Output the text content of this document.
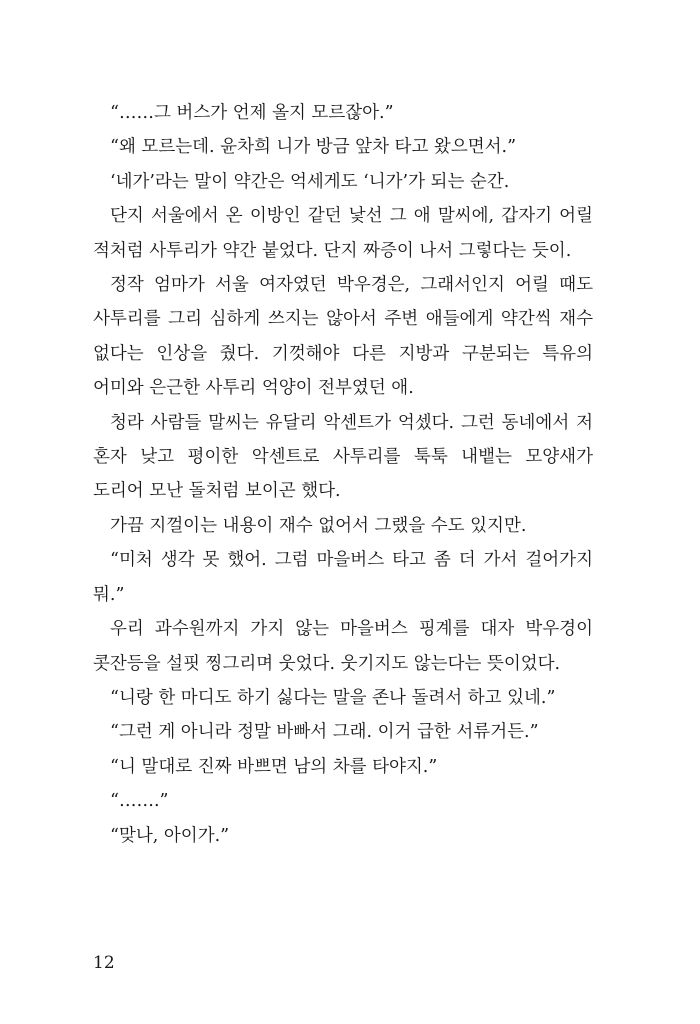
“……그 버스가 언제 올지 모르잖아.”

“왜 모르는데. 윤차희 니가 방금 앞차 타고 왔으면서.”

‘네가’라는 말이 약간은 억세게도 ‘니가’가 되는 순간.

단지 서울에서 온 이방인 같던 낯선 그 애 말씨에, 갑자기 어릴 적처럼 사투리가 약간 붙었다. 단지 짜증이 나서 그렇다는 듯이.

정작 엄마가 서울 여자였던 박우경은, 그래서인지 어릴 때도 사투리를 그리 심하게 쓰지는 않아서 주변 애들에게 약간씩 재수 없다는 인상을 줬다. 기껏해야 다른 지방과 구분되는 특유의 어미와 은근한 사투리 억양이 전부였던 애.

청라 사람들 말씨는 유달리 악센트가 억셌다. 그런 동네에서 저 혼자 낮고 평이한 악센트로 사투리를 툭툭 내뱉는 모양새가 도리어 모난 돌처럼 보이곤 했다.

가끔 지껄이는 내용이 재수 없어서 그랬을 수도 있지만.

“미처 생각 못 했어. 그럼 마을버스 타고 좀 더 가서 걸어가지 뭐.”

우리 과수원까지 가지 않는 마을버스 핑계를 대자 박우경이 콧잔등을 설핏 찡그리며 웃었다. 웃기지도 않는다는 뜻이었다.

“니랑 한 마디도 하기 싫다는 말을 존나 돌려서 하고 있네.”

“그런 게 아니라 정말 바빠서 그래. 이거 급한 서류거든.”

“니 말대로 진짜 바쁘면 남의 차를 타야지.”

“…….”

“맞나, 아이가.”

12
